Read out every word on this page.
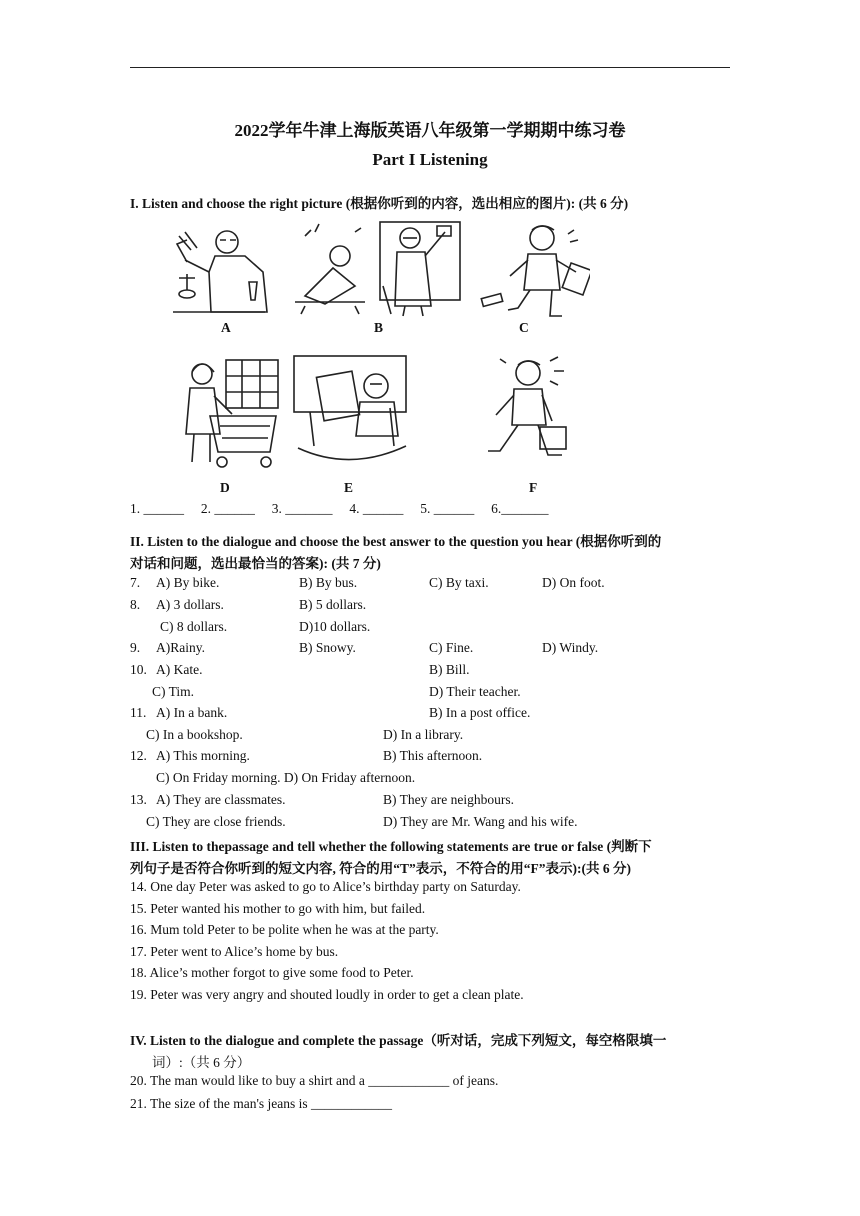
2022学年牛津上海版英语八年级第一学期期中练习卷
Part I Listening
I. Listen and choose the right picture (根据你听到的内容，选出相应的图片): (共 6 分)
A	B	C
D	E	F
1. ______     2. ______     3. _______     4. ______     5. ______     6._______
II. Listen to the dialogue and choose the best answer to the question you hear (根据你听到的
对话和问题，选出最恰当的答案): (共 7 分)
7. A) By bike.	B) By bus.	C) By taxi.	D) On foot.
8. A) 3 dollars.	B) 5 dollars.
C) 8 dollars.	D)10 dollars.
9. A)Rainy.	B) Snowy.	C) Fine.	D) Windy.
10. A) Kate.	B) Bill.
C) Tim.	D) Their teacher.
11. A) In a bank.	B) In a post office.
C) In a bookshop.	D) In a library.
12. A) This morning.	B) This afternoon.
C) On Friday morning. D) On Friday afternoon.
13. A) They are classmates.	B) They are neighbours.
C) They are close friends.	D) They are Mr. Wang and his wife.
III. Listen to thepassage and tell whether the following statements are true or false (判断下
列句子是否符合你听到的短文内容, 符合的用“T”表示，不符合的用“F”表示):(共 6 分)
14. One day Peter was asked to go to Alice’s birthday party on Saturday.
15. Peter wanted his mother to go with him, but failed.
16. Mum told Peter to be polite when he was at the party.
17. Peter went to Alice’s home by bus.
18. Alice’s mother forgot to give some food to Peter.
19. Peter was very angry and shouted loudly in order to get a clean plate.
IV. Listen to the dialogue and complete the passage（听对话，完成下列短文，每空格限填一
词）:（共 6 分）
20. The man would like to buy a shirt and a ____________ of jeans.
21. The size of the man's jeans is ____________
